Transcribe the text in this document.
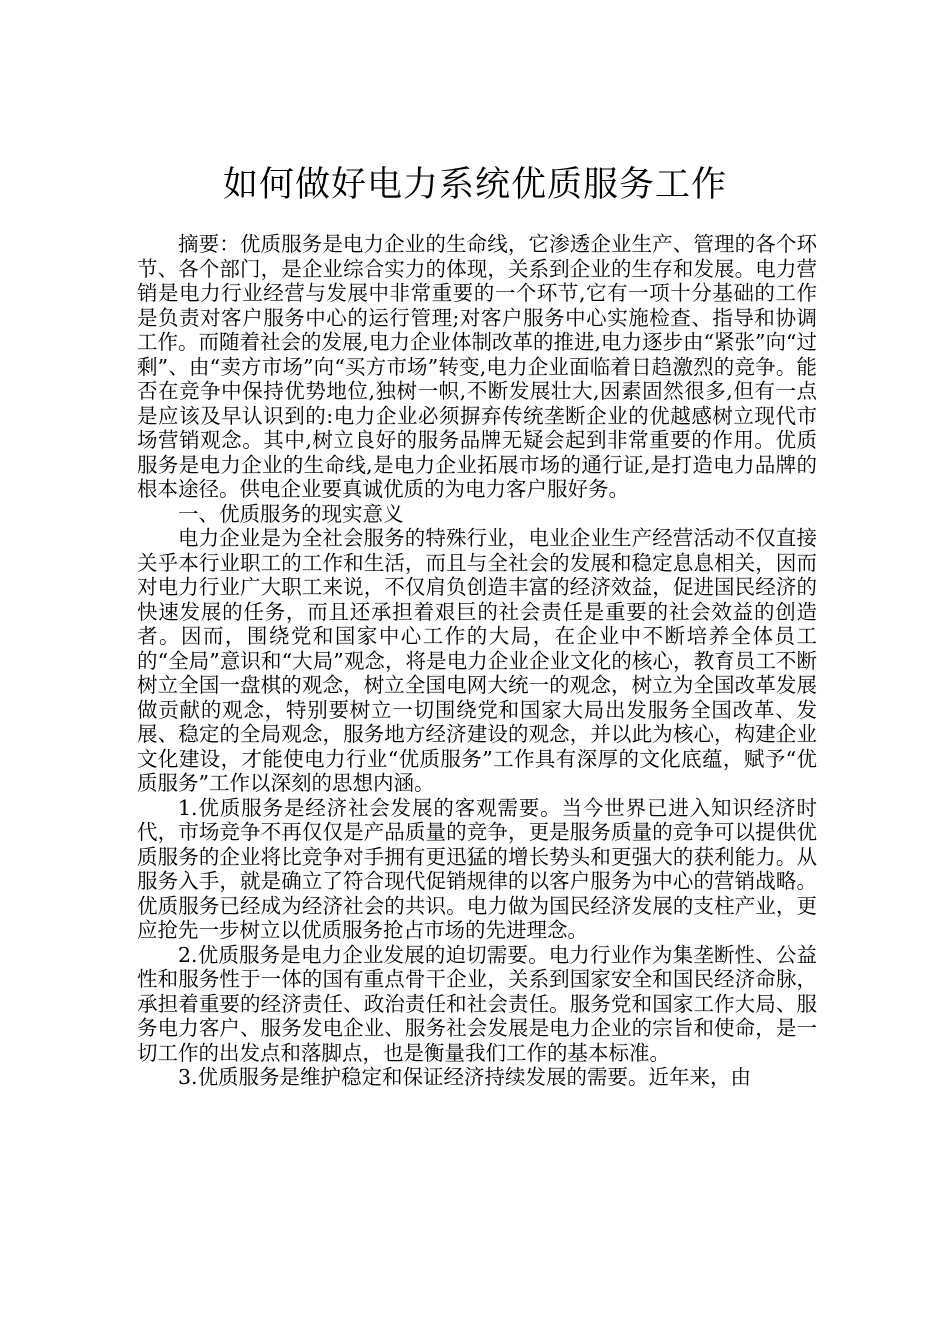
如何做好电力系统优质服务工作

摘要：优质服务是电力企业的生命线，它渗透企业生产、管理的各个环节、各个部门，是企业综合实力的体现，关系到企业的生存和发展。电力营销是电力行业经营与发展中非常重要的一个环节,它有一项十分基础的工作是负责对客户服务中心的运行管理;对客户服务中心实施检查、指导和协调工作。而随着社会的发展,电力企业体制改革的推进,电力逐步由“紧张”向“过剩”、由“卖方市场”向“买方市场”转变,电力企业面临着日趋激烈的竞争。能否在竞争中保持优势地位,独树一帜,不断发展壮大,因素固然很多,但有一点是应该及早认识到的:电力企业必须摒弃传统垄断企业的优越感树立现代市场营销观念。其中,树立良好的服务品牌无疑会起到非常重要的作用。优质服务是电力企业的生命线,是电力企业拓展市场的通行证,是打造电力品牌的根本途径。供电企业要真诚优质的为电力客户服好务。

一、优质服务的现实意义

电力企业是为全社会服务的特殊行业，电业企业生产经营活动不仅直接关乎本行业职工的工作和生活，而且与全社会的发展和稳定息息相关，因而对电力行业广大职工来说，不仅肩负创造丰富的经济效益，促进国民经济的快速发展的任务，而且还承担着艰巨的社会责任是重要的社会效益的创造者。因而，围绕党和国家中心工作的大局，在企业中不断培养全体员工的“全局”意识和“大局”观念，将是电力企业企业文化的核心，教育员工不断树立全国一盘棋的观念，树立全国电网大统一的观念，树立为全国改革发展做贡献的观念，特别要树立一切围绕党和国家大局出发服务全国改革、发展、稳定的全局观念，服务地方经济建设的观念，并以此为核心，构建企业文化建设，才能使电力行业“优质服务”工作具有深厚的文化底蕴，赋予“优质服务”工作以深刻的思想内涵。

1.优质服务是经济社会发展的客观需要。当今世界已进入知识经济时代，市场竞争不再仅仅是产品质量的竞争，更是服务质量的竞争可以提供优质服务的企业将比竞争对手拥有更迅猛的增长势头和更强大的获利能力。从服务入手，就是确立了符合现代促销规律的以客户服务为中心的营销战略。优质服务已经成为经济社会的共识。电力做为国民经济发展的支柱产业，更应抢先一步树立以优质服务抢占市场的先进理念。

2.优质服务是电力企业发展的迫切需要。电力行业作为集垄断性、公益性和服务性于一体的国有重点骨干企业，关系到国家安全和国民经济命脉，承担着重要的经济责任、政治责任和社会责任。服务党和国家工作大局、服务电力客户、服务发电企业、服务社会发展是电力企业的宗旨和使命，是一切工作的出发点和落脚点，也是衡量我们工作的基本标准。

3.优质服务是维护稳定和保证经济持续发展的需要。近年来，由
